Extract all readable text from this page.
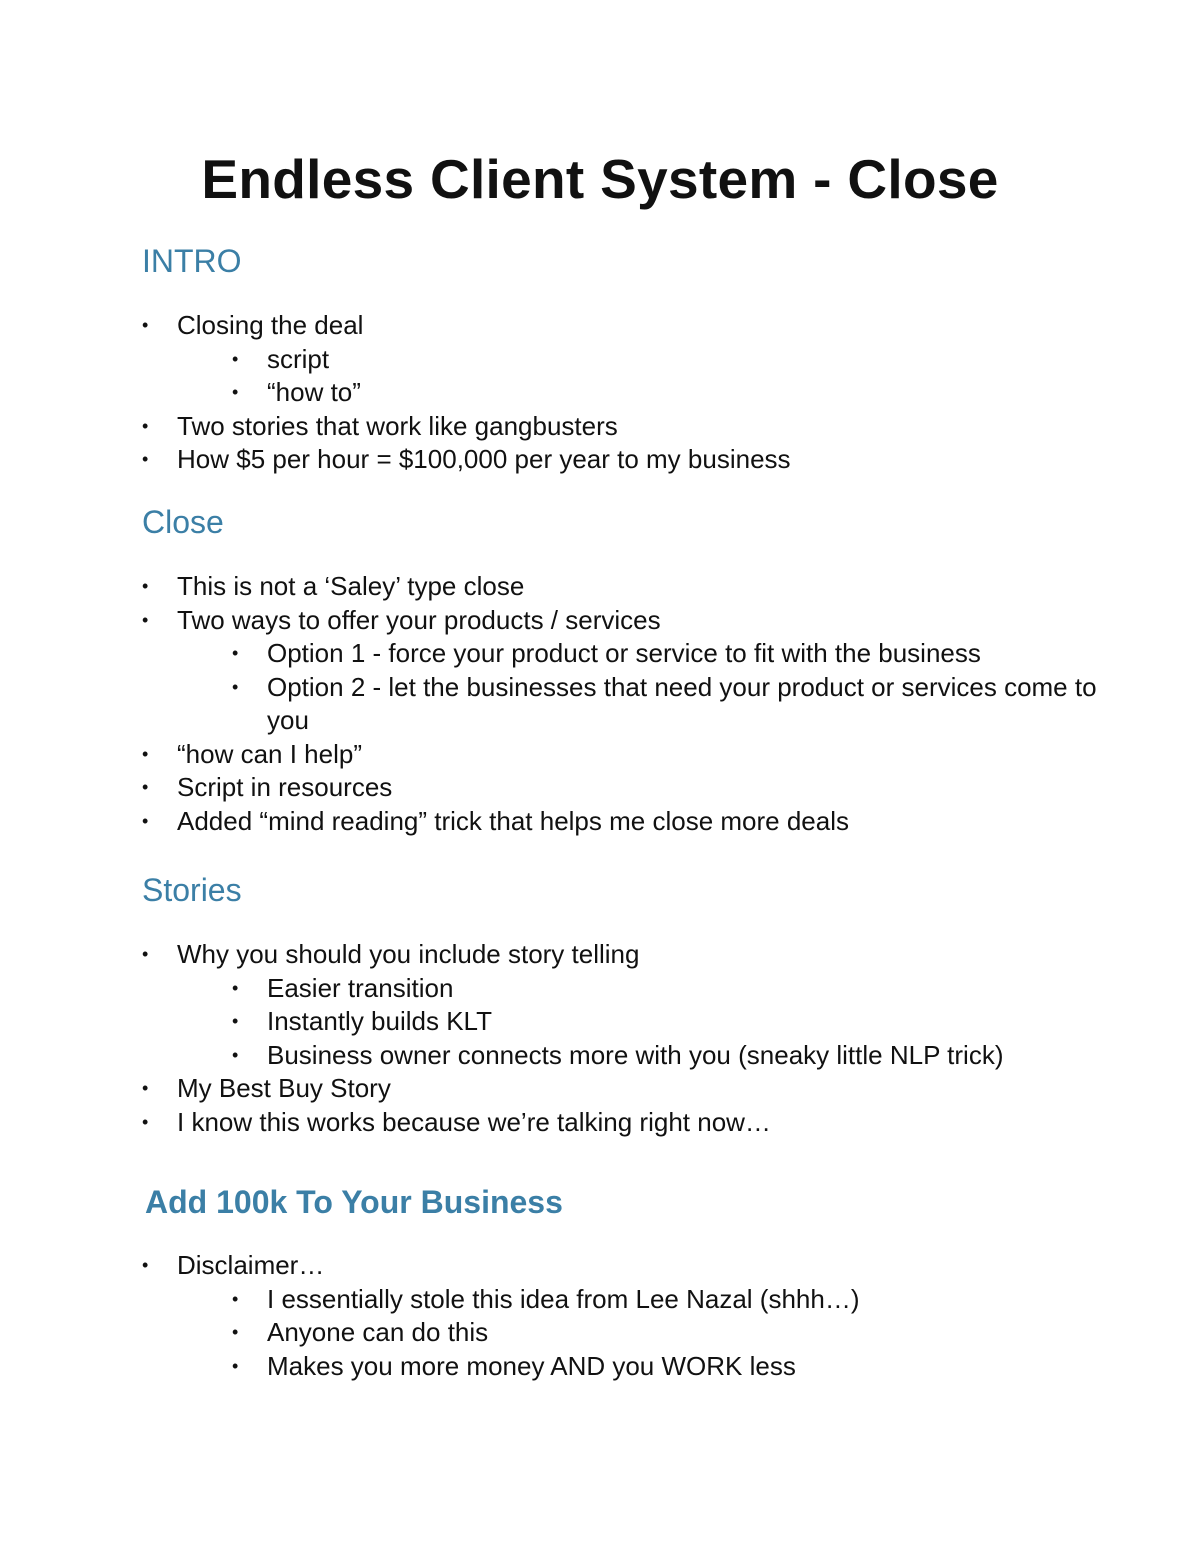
Endless Client System - Close
INTRO
• Closing the deal
• script
• “how to”
• Two stories that work like gangbusters
• How $5 per hour = $100,000 per year to my business
Close
• This is not a ‘Saley’ type close
• Two ways to offer your products / services
• Option 1 - force your product or service to fit with the business
• Option 2 - let the businesses that need your product or services come to you
• “how can I help”
• Script in resources
• Added “mind reading” trick that helps me close more deals
Stories
• Why you should you include story telling
• Easier transition
• Instantly builds KLT
• Business owner connects more with you (sneaky little NLP trick)
• My Best Buy Story
• I know this works because we’re talking right now…
Add 100k To Your Business
• Disclaimer…
• I essentially stole this idea from Lee Nazal (shhh…)
• Anyone can do this
• Makes you more money AND you WORK less
